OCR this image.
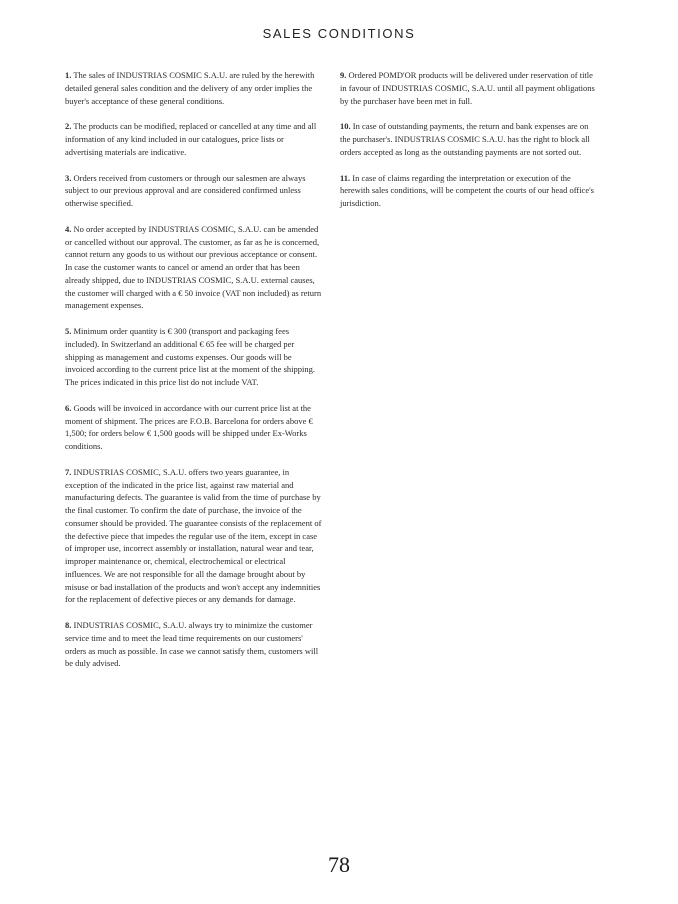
SALES CONDITIONS

1. The sales of INDUSTRIAS COSMIC S.A.U. are ruled by the herewith detailed general sales condition and the delivery of any order implies the buyer's acceptance of these general conditions.

2. The products can be modified, replaced or cancelled at any time and all information of any kind included in our catalogues, price lists or advertising materials are indicative.

3. Orders received from customers or through our salesmen are always subject to our previous approval and are considered confirmed unless otherwise specified.

4. No order accepted by INDUSTRIAS COSMIC, S.A.U. can be amended or cancelled without our approval. The customer, as far as he is concerned, cannot return any goods to us without our previous acceptance or consent. In case the customer wants to cancel or amend an order that has been already shipped, due to INDUSTRIAS COSMIC, S.A.U. external causes, the customer will charged with a € 50 invoice (VAT non included) as return management expenses.

5. Minimum order quantity is € 300 (transport and packaging fees included). In Switzerland an additional € 65 fee will be charged per shipping as management and customs expenses. Our goods will be invoiced according to the current price list at the moment of the shipping. The prices indicated in this price list do not include VAT.

6. Goods will be invoiced in accordance with our current price list at the moment of shipment. The prices are F.O.B. Barcelona for orders above € 1,500; for orders below € 1,500 goods will be shipped under Ex-Works conditions.

7. INDUSTRIAS COSMIC, S.A.U. offers two years guarantee, in exception of the indicated in the price list, against raw material and manufacturing defects. The guarantee is valid from the time of purchase by the final customer. To confirm the date of purchase, the invoice of the consumer should be provided. The guarantee consists of the replacement of the defective piece that impedes the regular use of the item, except in case of improper use, incorrect assembly or installation, natural wear and tear, improper maintenance or, chemical, electrochemical or electrical influences. We are not responsible for all the damage brought about by misuse or bad installation of the products and won't accept any indemnities for the replacement of defective pieces or any demands for damage.

8. INDUSTRIAS COSMIC, S.A.U. always try to minimize the customer service time and to meet the lead time requirements on our customers' orders as much as possible. In case we cannot satisfy them, customers will be duly advised.

9. Ordered POMD'OR products will be delivered under reservation of title in favour of INDUSTRIAS COSMIC, S.A.U. until all payment obligations by the purchaser have been met in full.

10. In case of outstanding payments, the return and bank expenses are on the purchaser's. INDUSTRIAS COSMIC S.A.U. has the right to block all orders accepted as long as the outstanding payments are not sorted out.

11. In case of claims regarding the interpretation or execution of the herewith sales conditions, will be competent the courts of our head office's jurisdiction.

78
